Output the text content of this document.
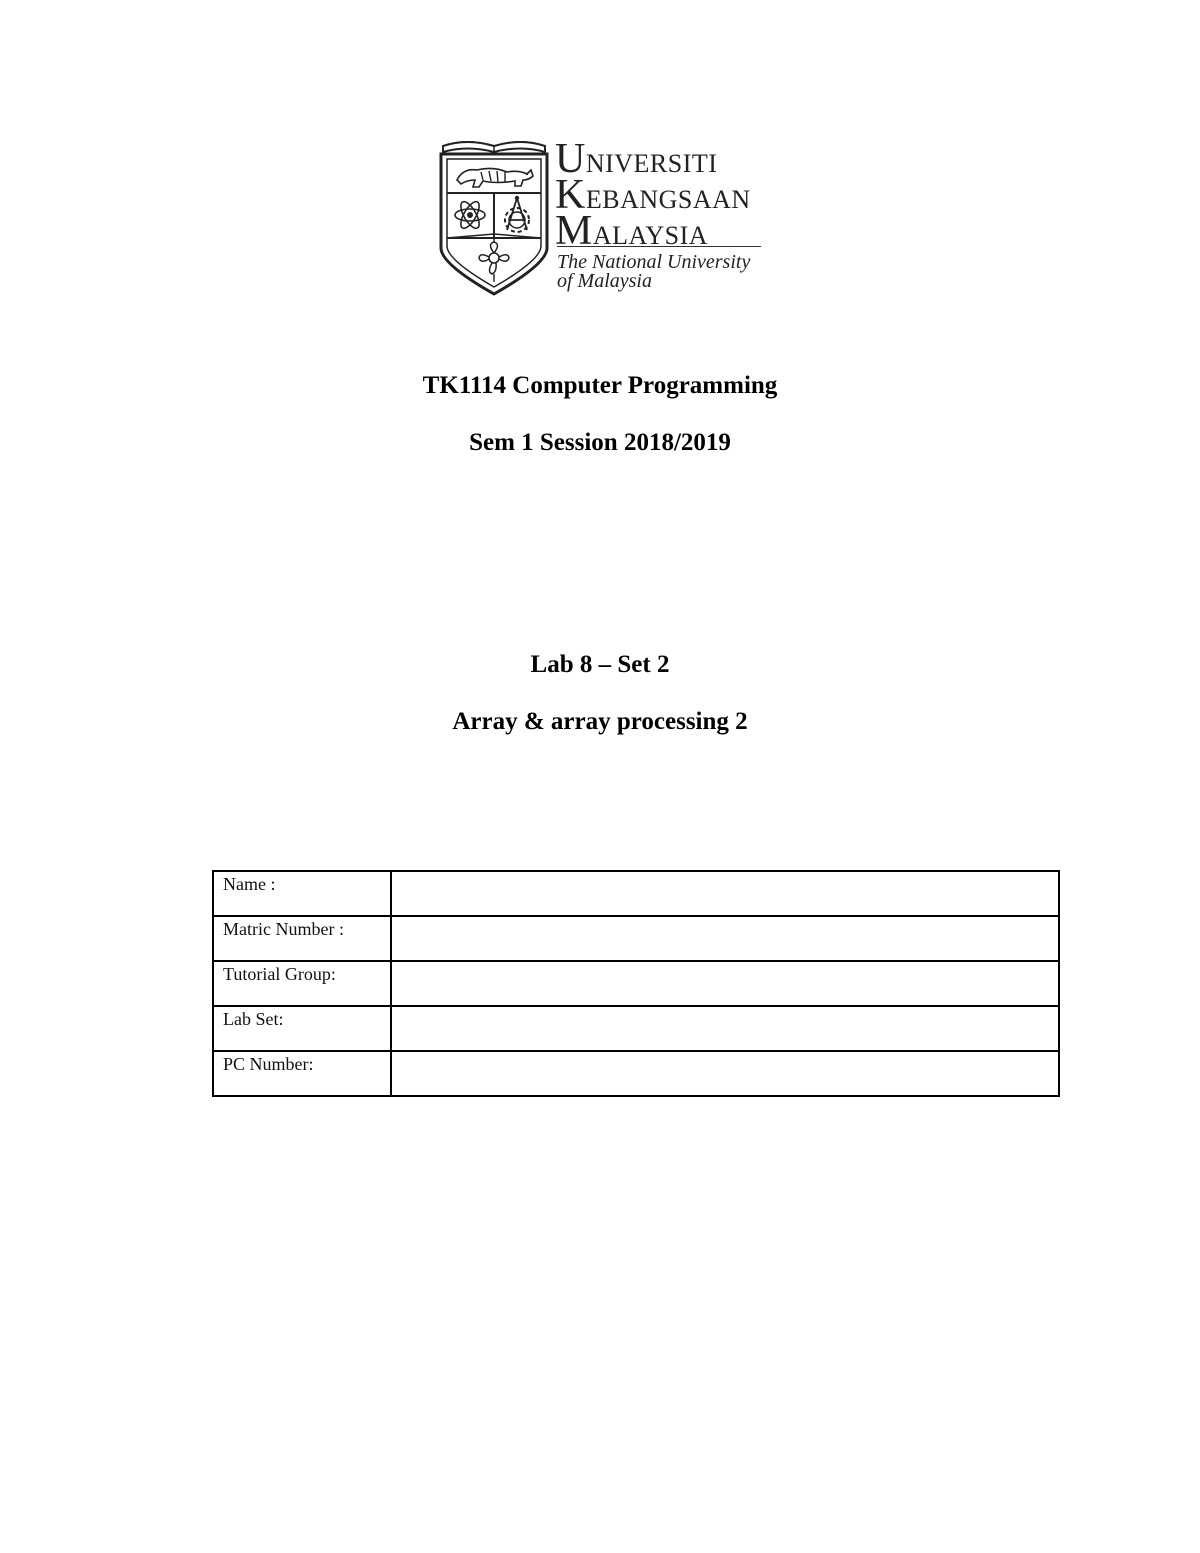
UNIVERSITI
KEBANGSAAN
MALAYSIA
The National University
of Malaysia
TK1114 Computer Programming
Sem 1 Session 2018/2019
Lab 8 – Set 2
Array & array processing 2
Name :	
Matric Number :	
Tutorial Group:	
Lab Set:	
PC Number:	
